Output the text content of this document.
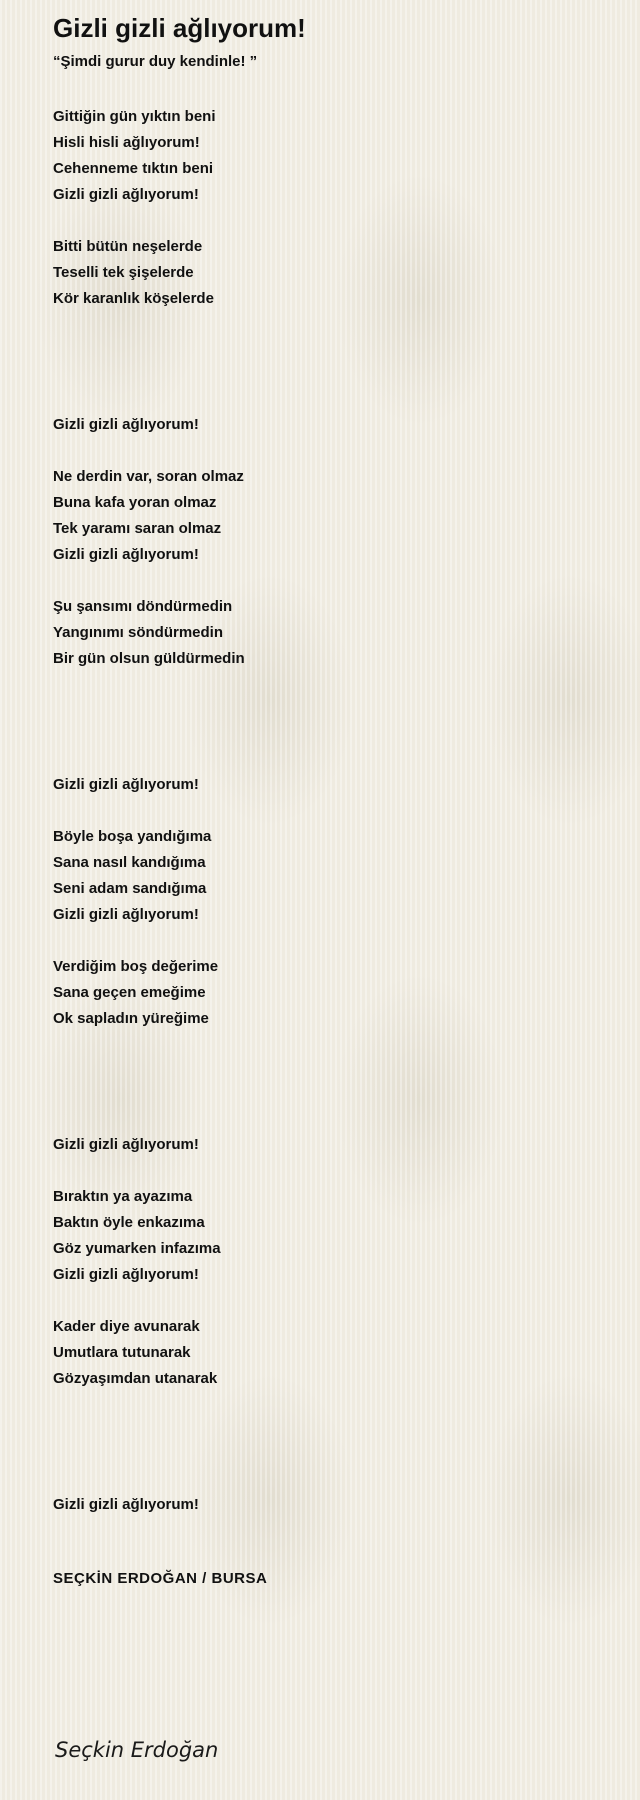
Gizli gizli ağlıyorum!
“Şimdi gurur duy kendinle! ”
Gittiğin gün yıktın beni
Hisli hisli ağlıyorum!
Cehenneme tıktın beni
Gizli gizli ağlıyorum!
Bitti bütün neşelerde
Teselli tek şişelerde
Kör karanlık köşelerde
Gizli gizli ağlıyorum!
Ne derdin var, soran olmaz
Buna kafa yoran olmaz
Tek yaramı saran olmaz
Gizli gizli ağlıyorum!
Şu şansımı döndürmedin
Yangınımı söndürmedin
Bir gün olsun güldürmedin
Gizli gizli ağlıyorum!
Böyle boşa yandığıma
Sana nasıl kandığıma
Seni adam sandığıma
Gizli gizli ağlıyorum!
Verdiğim boş değerime
Sana geçen emeğime
Ok sapladın yüreğime
Gizli gizli ağlıyorum!
Bıraktın ya ayazıma
Baktın öyle enkazıma
Göz yumarken infazıma
Gizli gizli ağlıyorum!
Kader diye avunarak
Umutlara tutunarak
Gözyaşımdan utanarak
Gizli gizli ağlıyorum!
SEÇKİN ERDOĞAN / BURSA
Seçkin Erdoğan
